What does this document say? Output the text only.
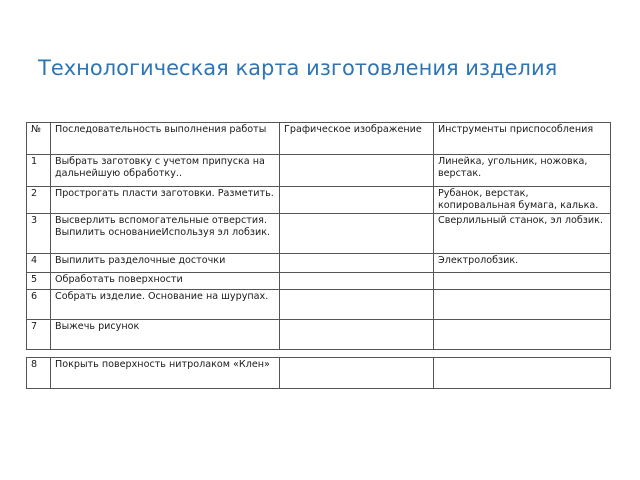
Технологическая карта изготовления изделия
№	Последовательность выполнения работы	Графическое изображение	Инструменты приспособления
1	Выбрать заготовку с учетом припуска на дальнейшую обработку..		Линейка, угольник, ножовка, верстак.
2	Прострогать пласти заготовки. Разметить.		Рубанок, верстак, копировальная бумага, калька.
3	Высверлить вспомогательные отверстия. Выпилить основаниеИспользуя эл лобзик.		Сверлильный станок, эл лобзик.
4	Выпилить разделочные досточки		Электролобзик.
5	Обработать поверхности		
6	Собрать изделие. Основание на шурупах.		
7	Выжечь рисунок		
8	Покрыть поверхность нитролаком «Клен»		
